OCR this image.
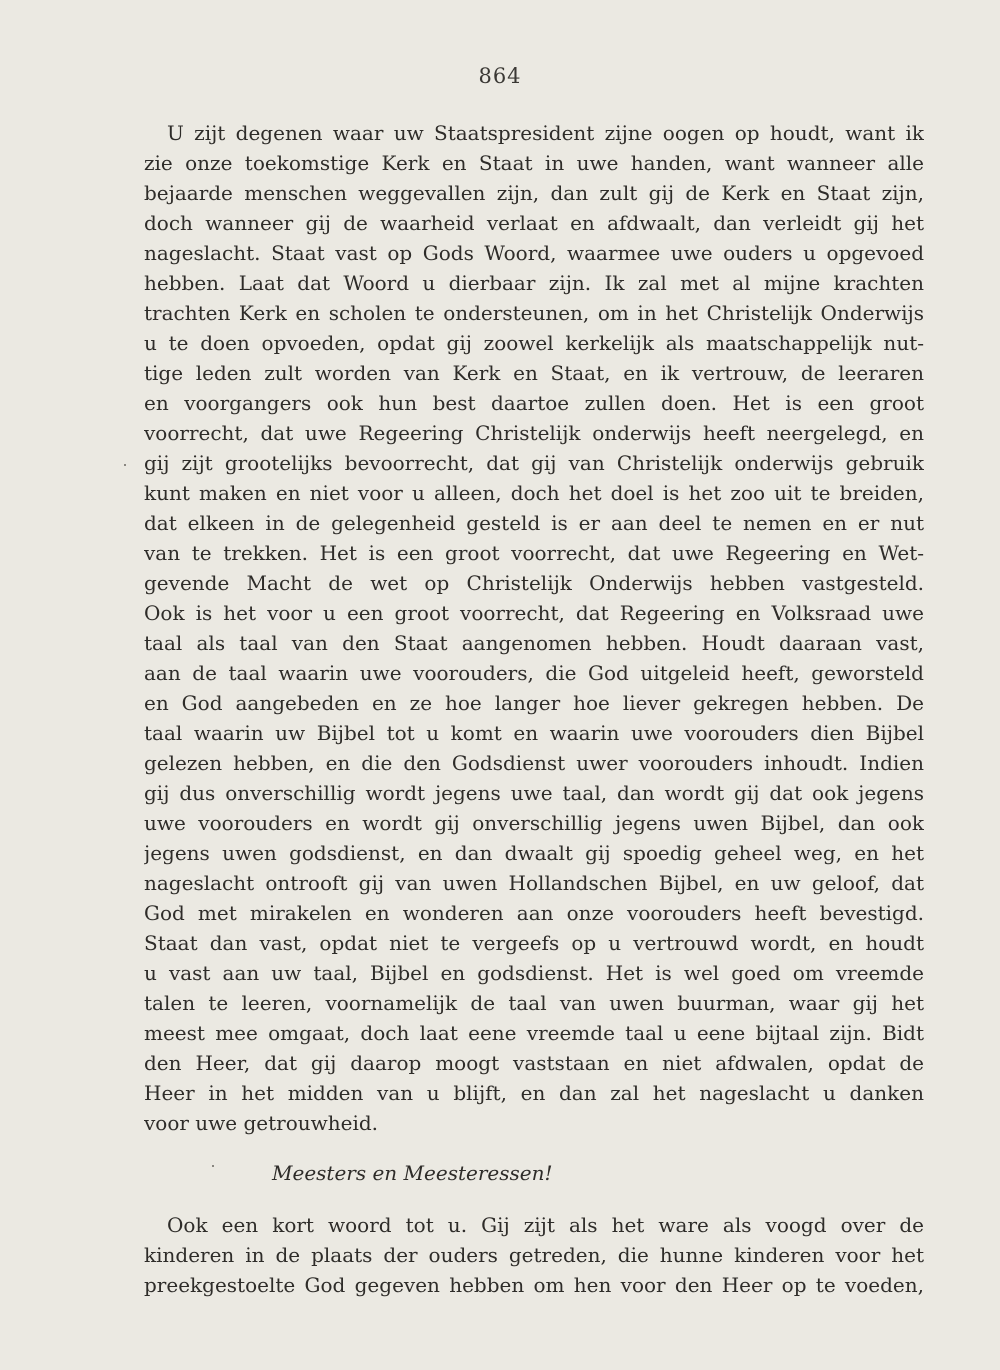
864
U zijt degenen waar uw Staatspresident zijne oogen op houdt, want ik
zie onze toekomstige Kerk en Staat in uwe handen, want wanneer alle
bejaarde menschen weggevallen zijn, dan zult gij de Kerk en Staat zijn,
doch wanneer gij de waarheid verlaat en afdwaalt, dan verleidt gij het
nageslacht. Staat vast op Gods Woord, waarmee uwe ouders u opgevoed
hebben. Laat dat Woord u dierbaar zijn. Ik zal met al mijne krachten
trachten Kerk en scholen te ondersteunen, om in het Christelijk Onderwijs
u te doen opvoeden, opdat gij zoowel kerkelijk als maatschappelijk nut-
tige leden zult worden van Kerk en Staat, en ik vertrouw, de leeraren
en voorgangers ook hun best daartoe zullen doen. Het is een groot
voorrecht, dat uwe Regeering Christelijk onderwijs heeft neergelegd, en
gij zijt grootelijks bevoorrecht, dat gij van Christelijk onderwijs gebruik
kunt maken en niet voor u alleen, doch het doel is het zoo uit te breiden,
dat elkeen in de gelegenheid gesteld is er aan deel te nemen en er nut
van te trekken. Het is een groot voorrecht, dat uwe Regeering en Wet-
gevende Macht de wet op Christelijk Onderwijs hebben vastgesteld.
Ook is het voor u een groot voorrecht, dat Regeering en Volksraad uwe
taal als taal van den Staat aangenomen hebben. Houdt daaraan vast,
aan de taal waarin uwe voorouders, die God uitgeleid heeft, geworsteld
en God aangebeden en ze hoe langer hoe liever gekregen hebben. De
taal waarin uw Bijbel tot u komt en waarin uwe voorouders dien Bijbel
gelezen hebben, en die den Godsdienst uwer voorouders inhoudt. Indien
gij dus onverschillig wordt jegens uwe taal, dan wordt gij dat ook jegens
uwe voorouders en wordt gij onverschillig jegens uwen Bijbel, dan ook
jegens uwen godsdienst, en dan dwaalt gij spoedig geheel weg, en het
nageslacht ontrooft gij van uwen Hollandschen Bijbel, en uw geloof, dat
God met mirakelen en wonderen aan onze voorouders heeft bevestigd.
Staat dan vast, opdat niet te vergeefs op u vertrouwd wordt, en houdt
u vast aan uw taal, Bijbel en godsdienst. Het is wel goed om vreemde
talen te leeren, voornamelijk de taal van uwen buurman, waar gij het
meest mee omgaat, doch laat eene vreemde taal u eene bijtaal zijn. Bidt
den Heer, dat gij daarop moogt vaststaan en niet afdwalen, opdat de
Heer in het midden van u blijft, en dan zal het nageslacht u danken
voor uwe getrouwheid.
Meesters en Meesteressen!
Ook een kort woord tot u. Gij zijt als het ware als voogd over de
kinderen in de plaats der ouders getreden, die hunne kinderen voor het
preekgestoelte God gegeven hebben om hen voor den Heer op te voeden,
